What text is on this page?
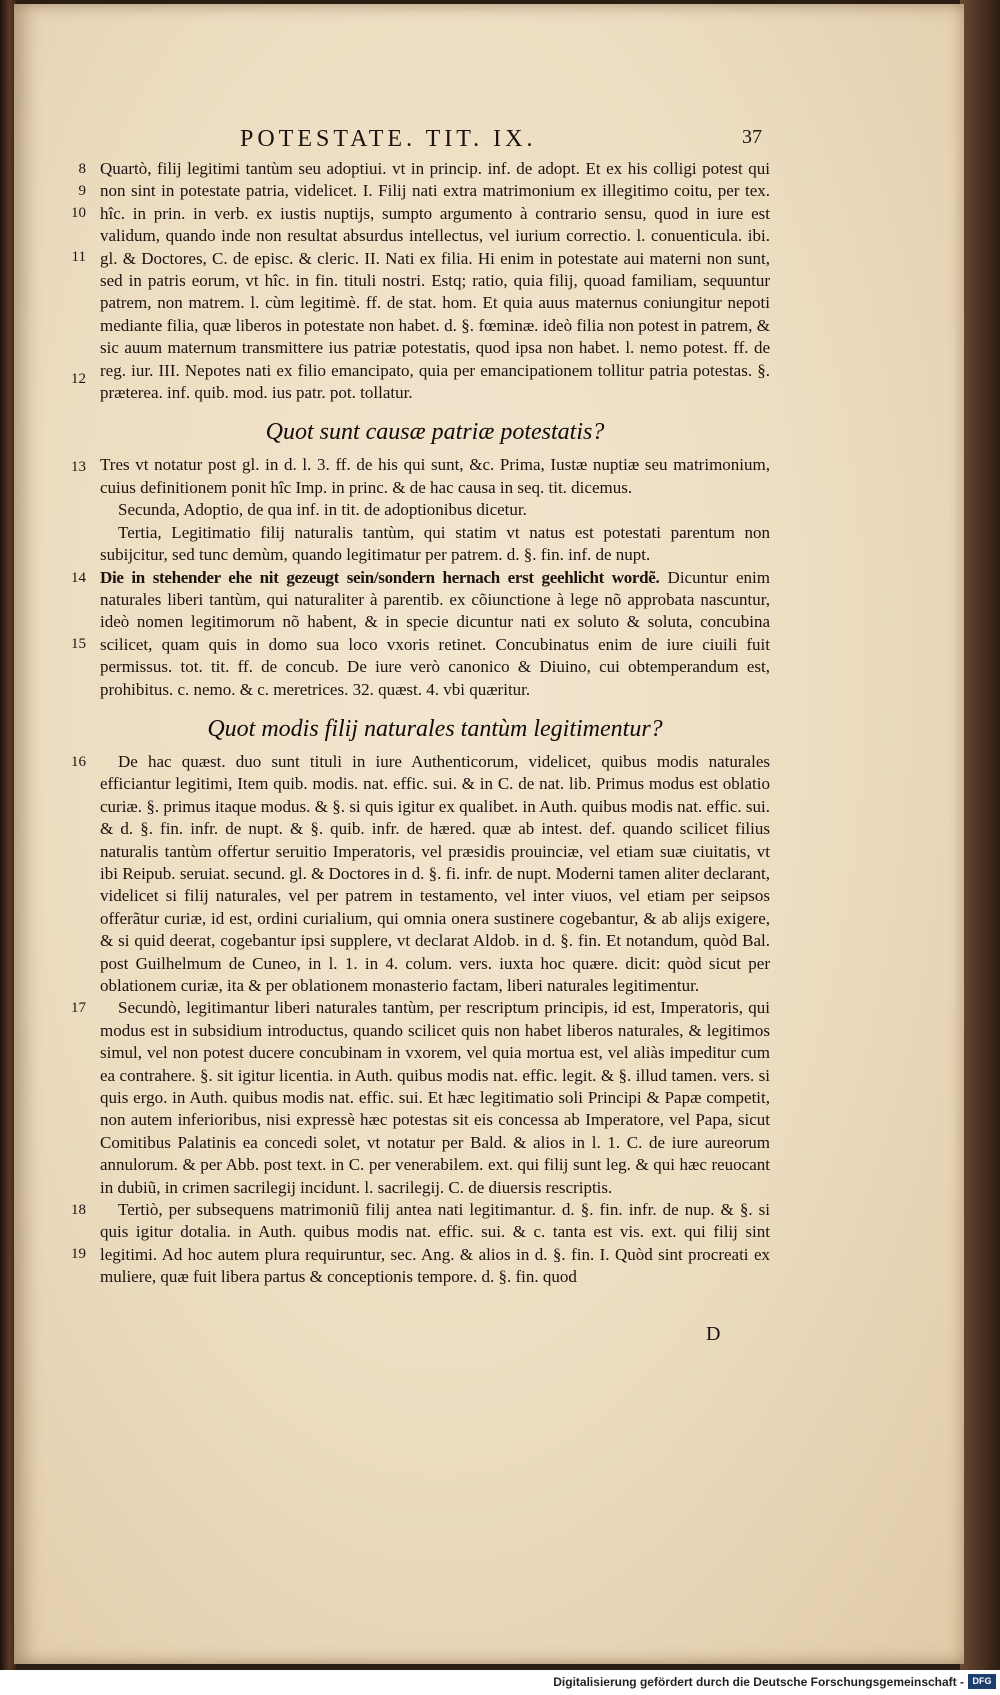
POTESTATE. TIT. IX.	37

8
9
10
11
12
Quartò, filij legitimi tantùm seu adoptiui. vt in princip. inf. de adopt. Et ex his colligi potest qui non sint in potestate patria, videlicet. I. Filij nati extra matrimonium ex illegitimo coitu, per tex. hîc. in prin. in verb. ex iustis nuptijs, sumpto argumento à contrario sensu, quod in iure est validum, quando inde non resultat absurdus intellectus, vel iurium correctio. l. conuenticula. ibi. gl. & Doctores, C. de episc. & cleric. II. Nati ex filia. Hi enim in potestate aui materni non sunt, sed in patris eorum, vt hîc. in fin. tituli nostri. Estq; ratio, quia filij, quoad familiam, sequuntur patrem, non matrem. l. cùm legitimè. ff. de stat. hom. Et quia auus maternus coniungitur nepoti mediante filia, quæ liberos in potestate non habet. d. §. fœminæ. ideò filia non potest in patrem, & sic auum maternum transmittere ius patriæ potestatis, quod ipsa non habet. l. nemo potest. ff. de reg. iur. III. Nepotes nati ex filio emancipato, quia per emancipationem tollitur patria potestas. §. præterea. inf. quib. mod. ius patr. pot. tollatur.

Quot sunt causæ patriæ potestatis?

13 Tres vt notatur post gl. in d. l. 3. ff. de his qui sunt, &c. Prima, Iustæ nuptiæ seu matrimonium, cuius definitionem ponit hîc Imp. in princ. & de hac causa in seq. tit. dicemus.

Secunda, Adoptio, de qua inf. in tit. de adoptionibus dicetur.

Tertia, Legitimatio filij naturalis tantùm, qui statim vt natus est potestati parentum non subijcitur, sed tunc demùm, quando legitimatur per patrem. d. §. fin. inf. de nupt.

14
15
Die in stehender ehe nit gezeugt sein/sondern hernach erst geehlicht wordẽ. Dicuntur enim naturales liberi tantùm, qui naturaliter à parentib. ex cõiunctione à lege nõ approbata nascuntur, ideò nomen legitimorum nõ habent, & in specie dicuntur nati ex soluto & soluta, concubina scilicet, quam quis in domo sua loco vxoris retinet. Concubinatus enim de iure ciuili fuit permissus. tot. tit. ff. de concub. De iure verò canonico & Diuino, cui obtemperandum est, prohibitus. c. nemo. & c. meretrices. 32. quæst. 4. vbi quæritur.

Quot modis filij naturales tantùm legitimentur?

16 De hac quæst. duo sunt tituli in iure Authenticorum, videlicet, quibus modis naturales efficiantur legitimi, Item quib. modis. nat. effic. sui. & in C. de nat. lib. Primus modus est oblatio curiæ. §. primus itaque modus. & §. si quis igitur ex qualibet. in Auth. quibus modis nat. effic. sui. & d. §. fin. infr. de nupt. & §. quib. infr. de hæred. quæ ab intest. def. quando scilicet filius naturalis tantùm offertur seruitio Imperatoris, vel præsidis prouinciæ, vel etiam suæ ciuitatis, vt ibi Reipub. seruiat. secund. gl. & Doctores in d. §. fi. infr. de nupt. Moderni tamen aliter declarant, videlicet si filij naturales, vel per patrem in testamento, vel inter viuos, vel etiam per seipsos offerãtur curiæ, id est, ordini curialium, qui omnia onera sustinere cogebantur, & ab alijs exigere, & si quid deerat, cogebantur ipsi supplere, vt declarat Aldob. in d. §. fin. Et notandum, quòd Bal. post Guilhelmum de Cuneo, in l. 1. in 4. colum. vers. iuxta hoc quære. dicit: quòd sicut per oblationem curiæ, ita & per oblationem monasterio factam, liberi naturales legitimentur.

17 Secundò, legitimantur liberi naturales tantùm, per rescriptum principis, id est, Imperatoris, qui modus est in subsidium introductus, quando scilicet quis non habet liberos naturales, & legitimos simul, vel non potest ducere concubinam in vxorem, vel quia mortua est, vel aliàs impeditur cum ea contrahere. §. sit igitur licentia. in Auth. quibus modis nat. effic. legit. & §. illud tamen. vers. si quis ergo. in Auth. quibus modis nat. effic. sui. Et hæc legitimatio soli Principi & Papæ competit, non autem inferioribus, nisi expressè hæc potestas sit eis concessa ab Imperatore, vel Papa, sicut Comitibus Palatinis ea concedi solet, vt notatur per Bald. & alios in l. 1. C. de iure aureorum annulorum. & per Abb. post text. in C. per venerabilem. ext. qui filij sunt leg. & qui hæc reuocant in dubiũ, in crimen sacrilegij incidunt. l. sacrilegij. C. de diuersis rescriptis.

18
19
Tertiò, per subsequens matrimoniũ filij antea nati legitimantur. d. §. fin. infr. de nup. & §. si quis igitur dotalia. in Auth. quibus modis nat. effic. sui. & c. tanta est vis. ext. qui filij sint legitimi. Ad hoc autem plura requiruntur, sec. Ang. & alios in d. §. fin. I. Quòd sint procreati ex muliere, quæ fuit libera partus & conceptionis tempore. d. §. fin. quod

D
Digitalisierung gefördert durch die Deutsche Forschungsgemeinschaft - DFG
